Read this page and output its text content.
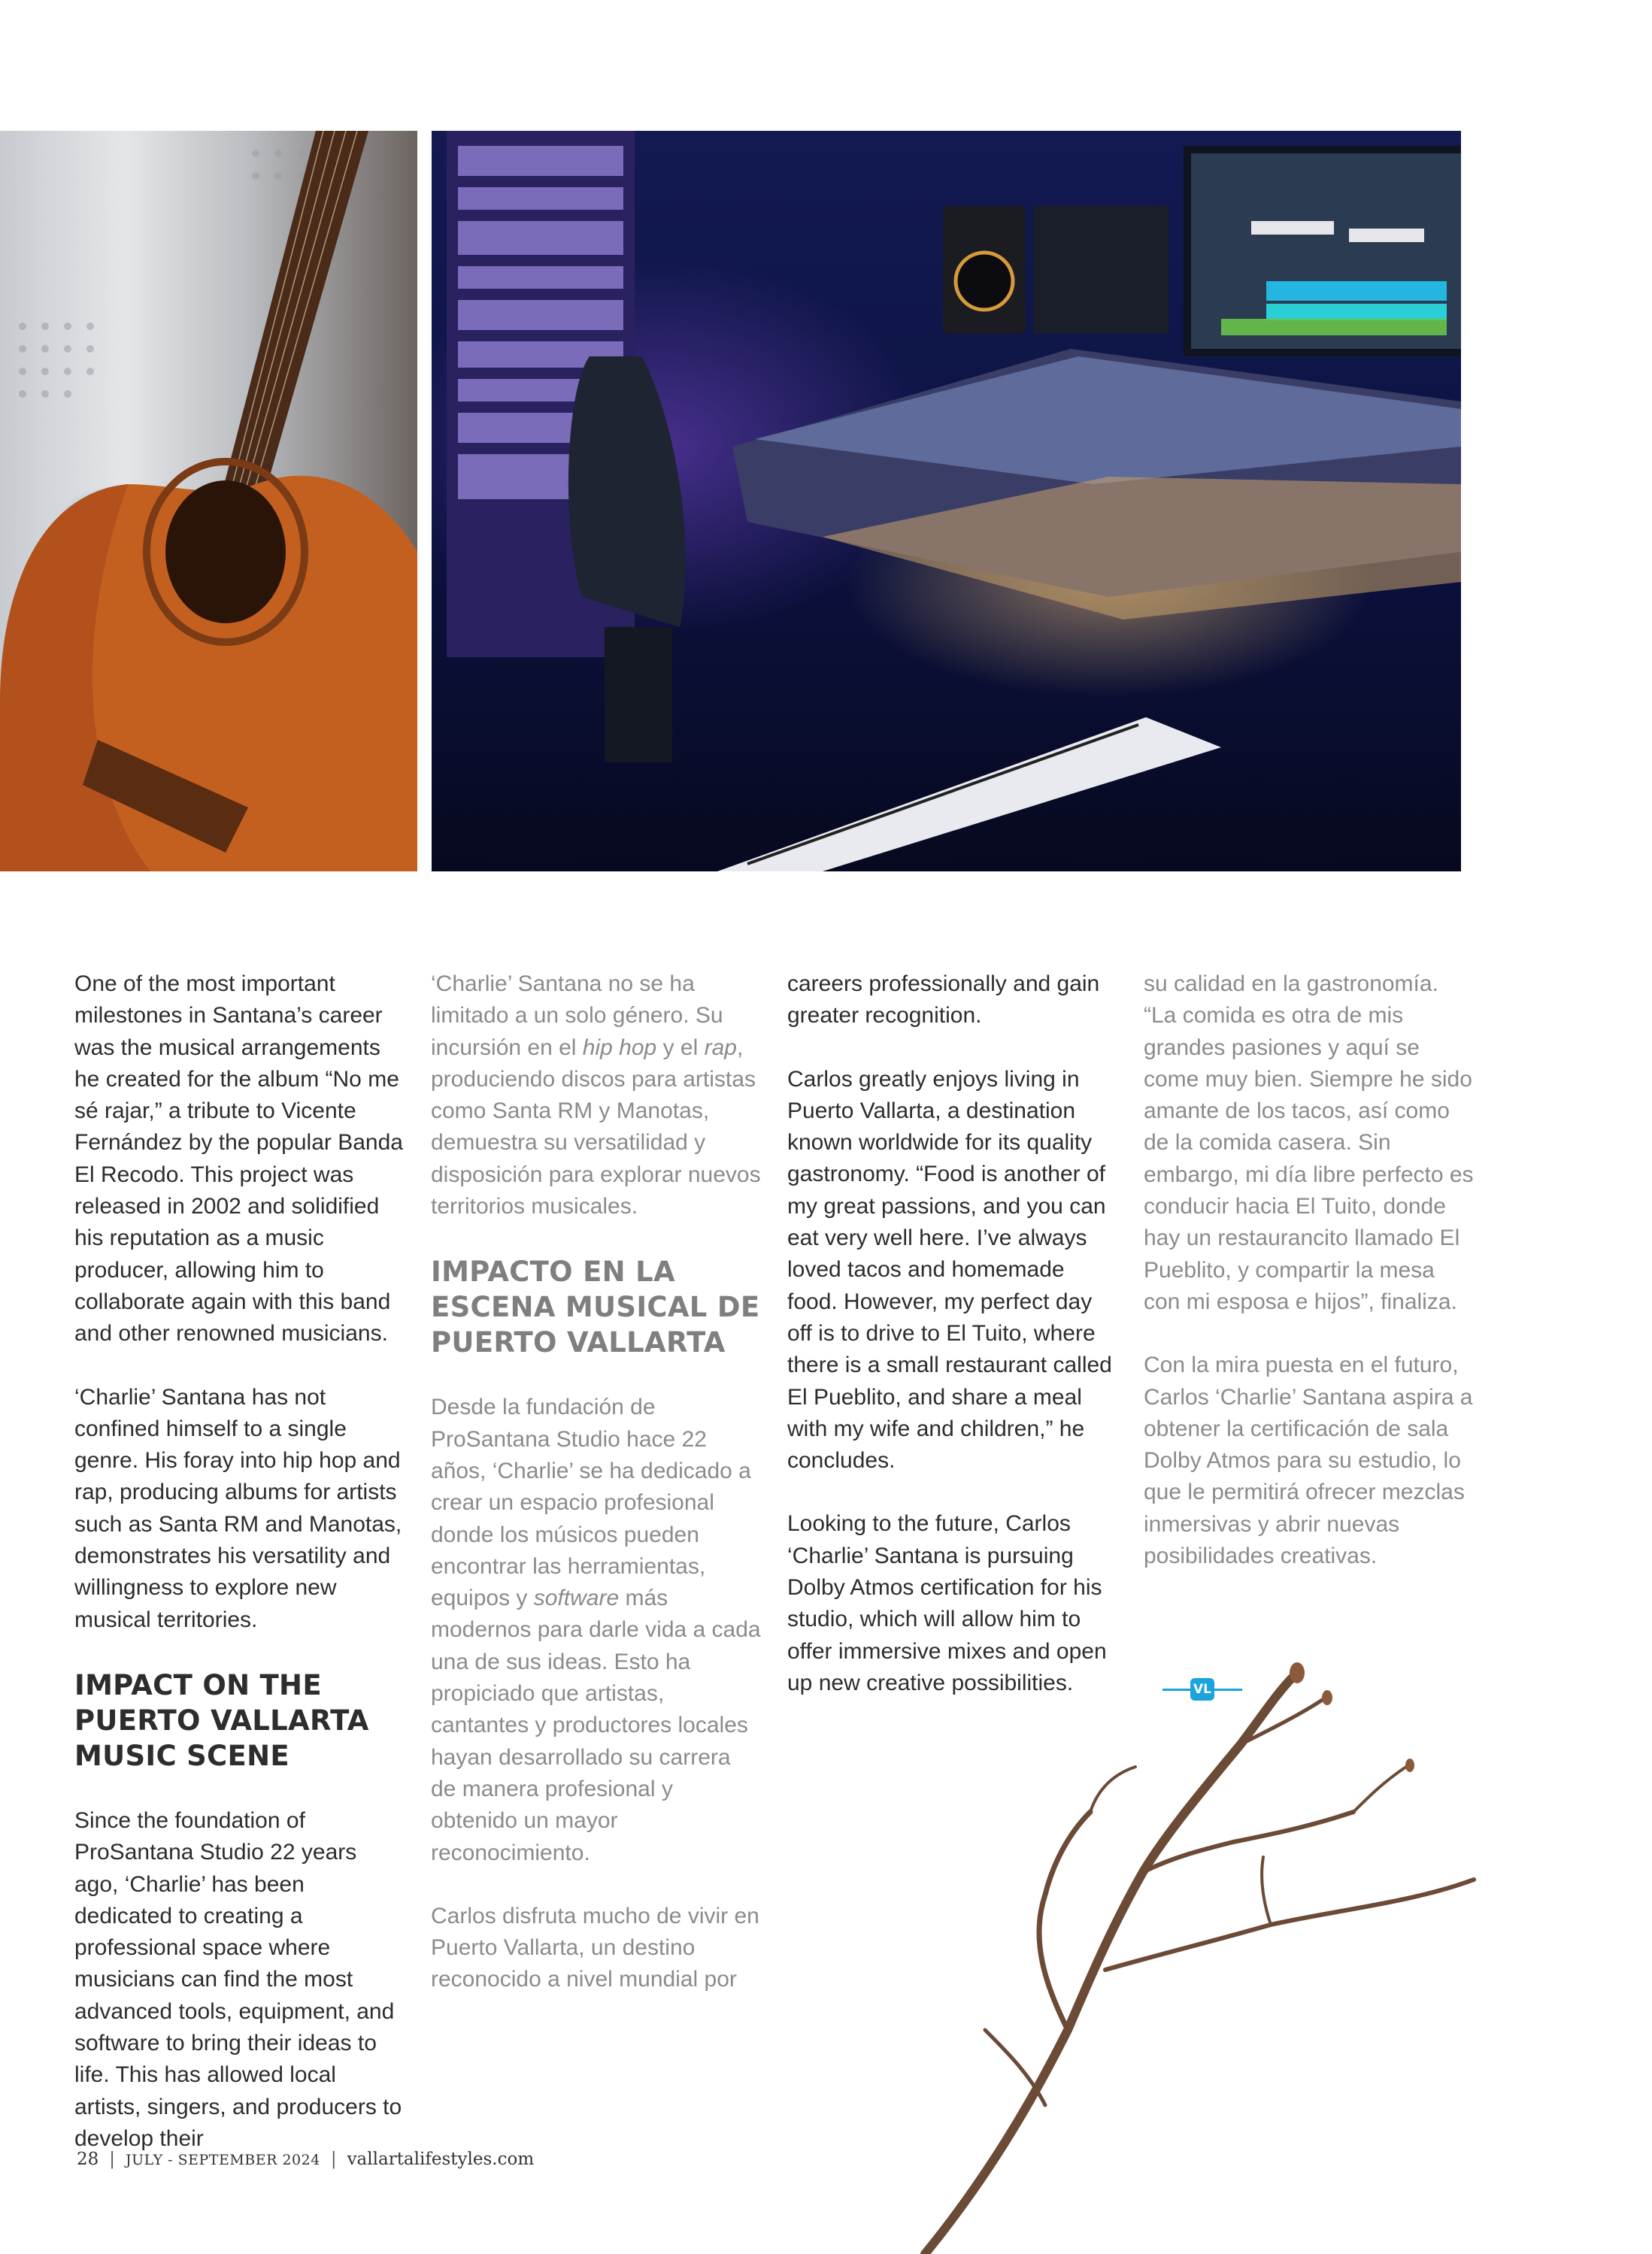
One of the most important milestones in Santana’s career was the musical arrangements he created for the album “No me sé rajar,” a tribute to Vicente Fernández by the popular Banda El Recodo. This project was released in 2002 and solidified his reputation as a music producer, allowing him to collaborate again with this band and other renowned musicians.

‘Charlie’ Santana has not confined himself to a single genre. His foray into hip hop and rap, producing albums for artists such as Santa RM and Manotas, demonstrates his versatility and willingness to explore new musical territories.

IMPACT ON THE PUERTO VALLARTA MUSIC SCENE

Since the foundation of ProSantana Studio 22 years ago, ‘Charlie’ has been dedicated to creating a professional space where musicians can find the most advanced tools, equipment, and software to bring their ideas to life. This has allowed local artists, singers, and producers to develop their

‘Charlie’ Santana no se ha limitado a un solo género. Su incursión en el hip hop y el rap, produciendo discos para artistas como Santa RM y Manotas, demuestra su versatilidad y disposición para explorar nuevos territorios musicales.

IMPACTO EN LA ESCENA MUSICAL DE PUERTO VALLARTA

Desde la fundación de ProSantana Studio hace 22 años, ‘Charlie’ se ha dedicado a crear un espacio profesional donde los músicos pueden encontrar las herramientas, equipos y software más modernos para darle vida a cada una de sus ideas. Esto ha propiciado que artistas, cantantes y productores locales hayan desarrollado su carrera de manera profesional y obtenido un mayor reconocimiento.

Carlos disfruta mucho de vivir en Puerto Vallarta, un destino reconocido a nivel mundial por

careers professionally and gain greater recognition.

Carlos greatly enjoys living in Puerto Vallarta, a destination known worldwide for its quality gastronomy. “Food is another of my great passions, and you can eat very well here. I’ve always loved tacos and homemade food. However, my perfect day off is to drive to El Tuito, where there is a small restaurant called El Pueblito, and share a meal with my wife and children,” he concludes.

Looking to the future, Carlos ‘Charlie’ Santana is pursuing Dolby Atmos certification for his studio, which will allow him to offer immersive mixes and open up new creative possibilities.

su calidad en la gastronomía. “La comida es otra de mis grandes pasiones y aquí se come muy bien. Siempre he sido amante de los tacos, así como de la comida casera. Sin embargo, mi día libre perfecto es conducir hacia El Tuito, donde hay un restaurancito llamado El Pueblito, y compartir la mesa con mi esposa e hijos”, finaliza.

Con la mira puesta en el futuro, Carlos ‘Charlie’ Santana aspira a obtener la certificación de sala Dolby Atmos para su estudio, lo que le permitirá ofrecer mezclas inmersivas y abrir nuevas posibilidades creativas.

VL
28 | JULY - SEPTEMBER 2024 | vallartalifestyles.com
